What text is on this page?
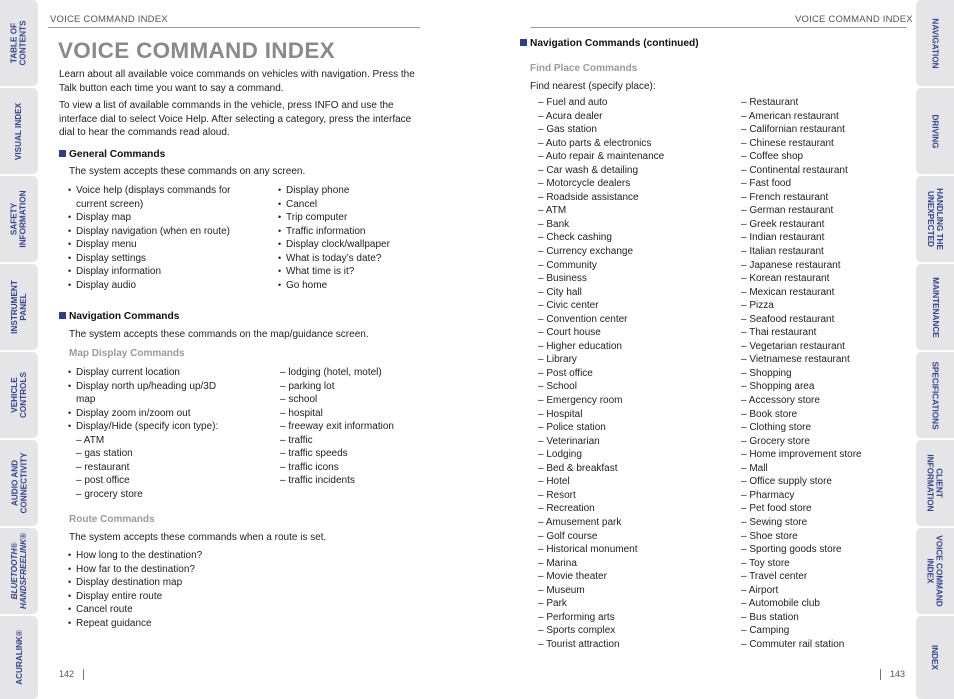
TABLE OF
CONTENTS
VISUAL INDEX
SAFETY
INFORMATION
INSTRUMENT
PANEL
VEHICLE
CONTROLS
AUDIO AND
CONNECTIVITY
BLUETOOTH®
HANDSFREELINK®
ACURALINK®
NAVIGATION
DRIVING
HANDLING THE
UNEXPECTED
MAINTENANCE
SPECIFICATIONS
CLIENT
INFORMATION
VOICE COMMAND
INDEX
INDEX
VOICE COMMAND INDEX
VOICE COMMAND INDEX
Learn about all available voice commands on vehicles with navigation. Press the Talk button each time you want to say a command.
To view a list of available commands in the vehicle, press INFO and use the interface dial to select Voice Help. After selecting a category, press the interface dial to hear the commands read aloud.
General Commands
The system accepts these commands on any screen.
• Voice help (displays commands for current screen)
• Display map
• Display navigation (when en route)
• Display menu
• Display settings
• Display information
• Display audio
• Display phone
• Cancel
• Trip computer
• Traffic information
• Display clock/wallpaper
• What is today’s date?
• What time is it?
• Go home
Navigation Commands
The system accepts these commands on the map/guidance screen.
Map Display Commands
• Display current location
• Display north up/heading up/3D map
• Display zoom in/zoom out
• Display/Hide (specify icon type):
– ATM
– gas station
– restaurant
– post office
– grocery store
– lodging (hotel, motel)
– parking lot
– school
– hospital
– freeway exit information
– traffic
– traffic speeds
– traffic icons
– traffic incidents
Route Commands
The system accepts these commands when a route is set.
• How long to the destination?
• How far to the destination?
• Display destination map
• Display entire route
• Cancel route
• Repeat guidance
142
VOICE COMMAND INDEX
Navigation Commands (continued)
Find Place Commands
Find nearest (specify place):
– Fuel and auto
– Acura dealer
– Gas station
– Auto parts & electronics
– Auto repair & maintenance
– Car wash & detailing
– Motorcycle dealers
– Roadside assistance
– ATM
– Bank
– Check cashing
– Currency exchange
– Community
– Business
– City hall
– Civic center
– Convention center
– Court house
– Higher education
– Library
– Post office
– School
– Emergency room
– Hospital
– Police station
– Veterinarian
– Lodging
– Bed & breakfast
– Hotel
– Resort
– Recreation
– Amusement park
– Golf course
– Historical monument
– Marina
– Movie theater
– Museum
– Park
– Performing arts
– Sports complex
– Tourist attraction
– Restaurant
– American restaurant
– Californian restaurant
– Chinese restaurant
– Coffee shop
– Continental restaurant
– Fast food
– French restaurant
– German restaurant
– Greek restaurant
– Indian restaurant
– Italian restaurant
– Japanese restaurant
– Korean restaurant
– Mexican restaurant
– Pizza
– Seafood restaurant
– Thai restaurant
– Vegetarian restaurant
– Vietnamese restaurant
– Shopping
– Shopping area
– Accessory store
– Book store
– Clothing store
– Grocery store
– Home improvement store
– Mall
– Office supply store
– Pharmacy
– Pet food store
– Sewing store
– Shoe store
– Sporting goods store
– Toy store
– Travel center
– Airport
– Automobile club
– Bus station
– Camping
– Commuter rail station
143
